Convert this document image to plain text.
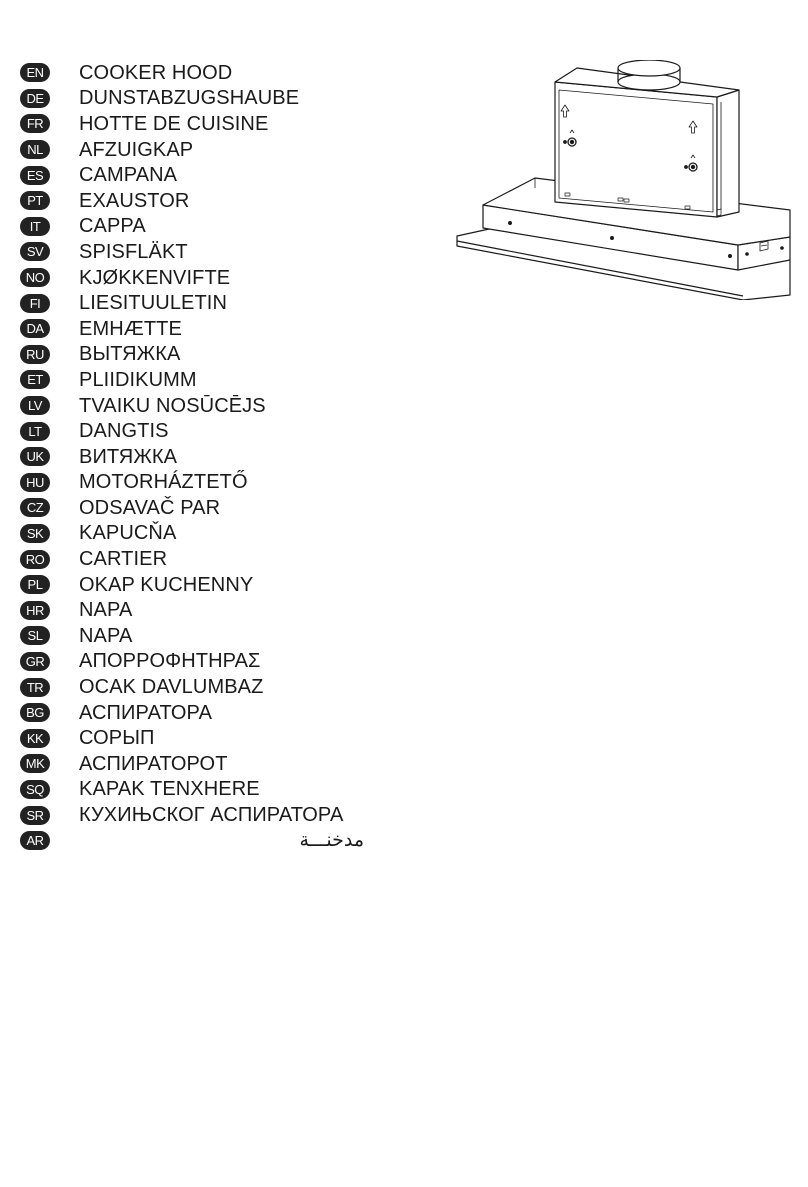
EN	COOKER HOOD
DE	DUNSTABZUGSHAUBE
FR	HOTTE DE CUISINE
NL	AFZUIGKAP
ES	CAMPANA
PT	EXAUSTOR
IT	CAPPA
SV	SPISFLÄKT
NO KJØKKENVIFTE
FI	LIESITUULETIN
DA	EMHÆTTE
RU	ВЫТЯЖКА
ET	PLIIDIKUMM
LV	TVAIKU NOSŪCĒJS
LT	DANGTIS
UK	ВИТЯЖКА
HU	MOTORHÁZTETŐ
CZ	ODSAVAČ PAR
SK	KAPUCŇA
RO CARTIER
PL	OKAP KUCHENNY
HR	NAPA
SL	NAPA
GR ΑΠΟΡΡΟΦΗΤΗΡΑΣ
TR	OCAK DAVLUMBAZ
BG	АСПИРАТОРА
KK	СОРЫП
MK АСПИРАТОРОТ
SQ	KAPAK TENXHERE
SR	КУХИЊСКОГ АСПИРАТОРА
AR	مدخنـــة
